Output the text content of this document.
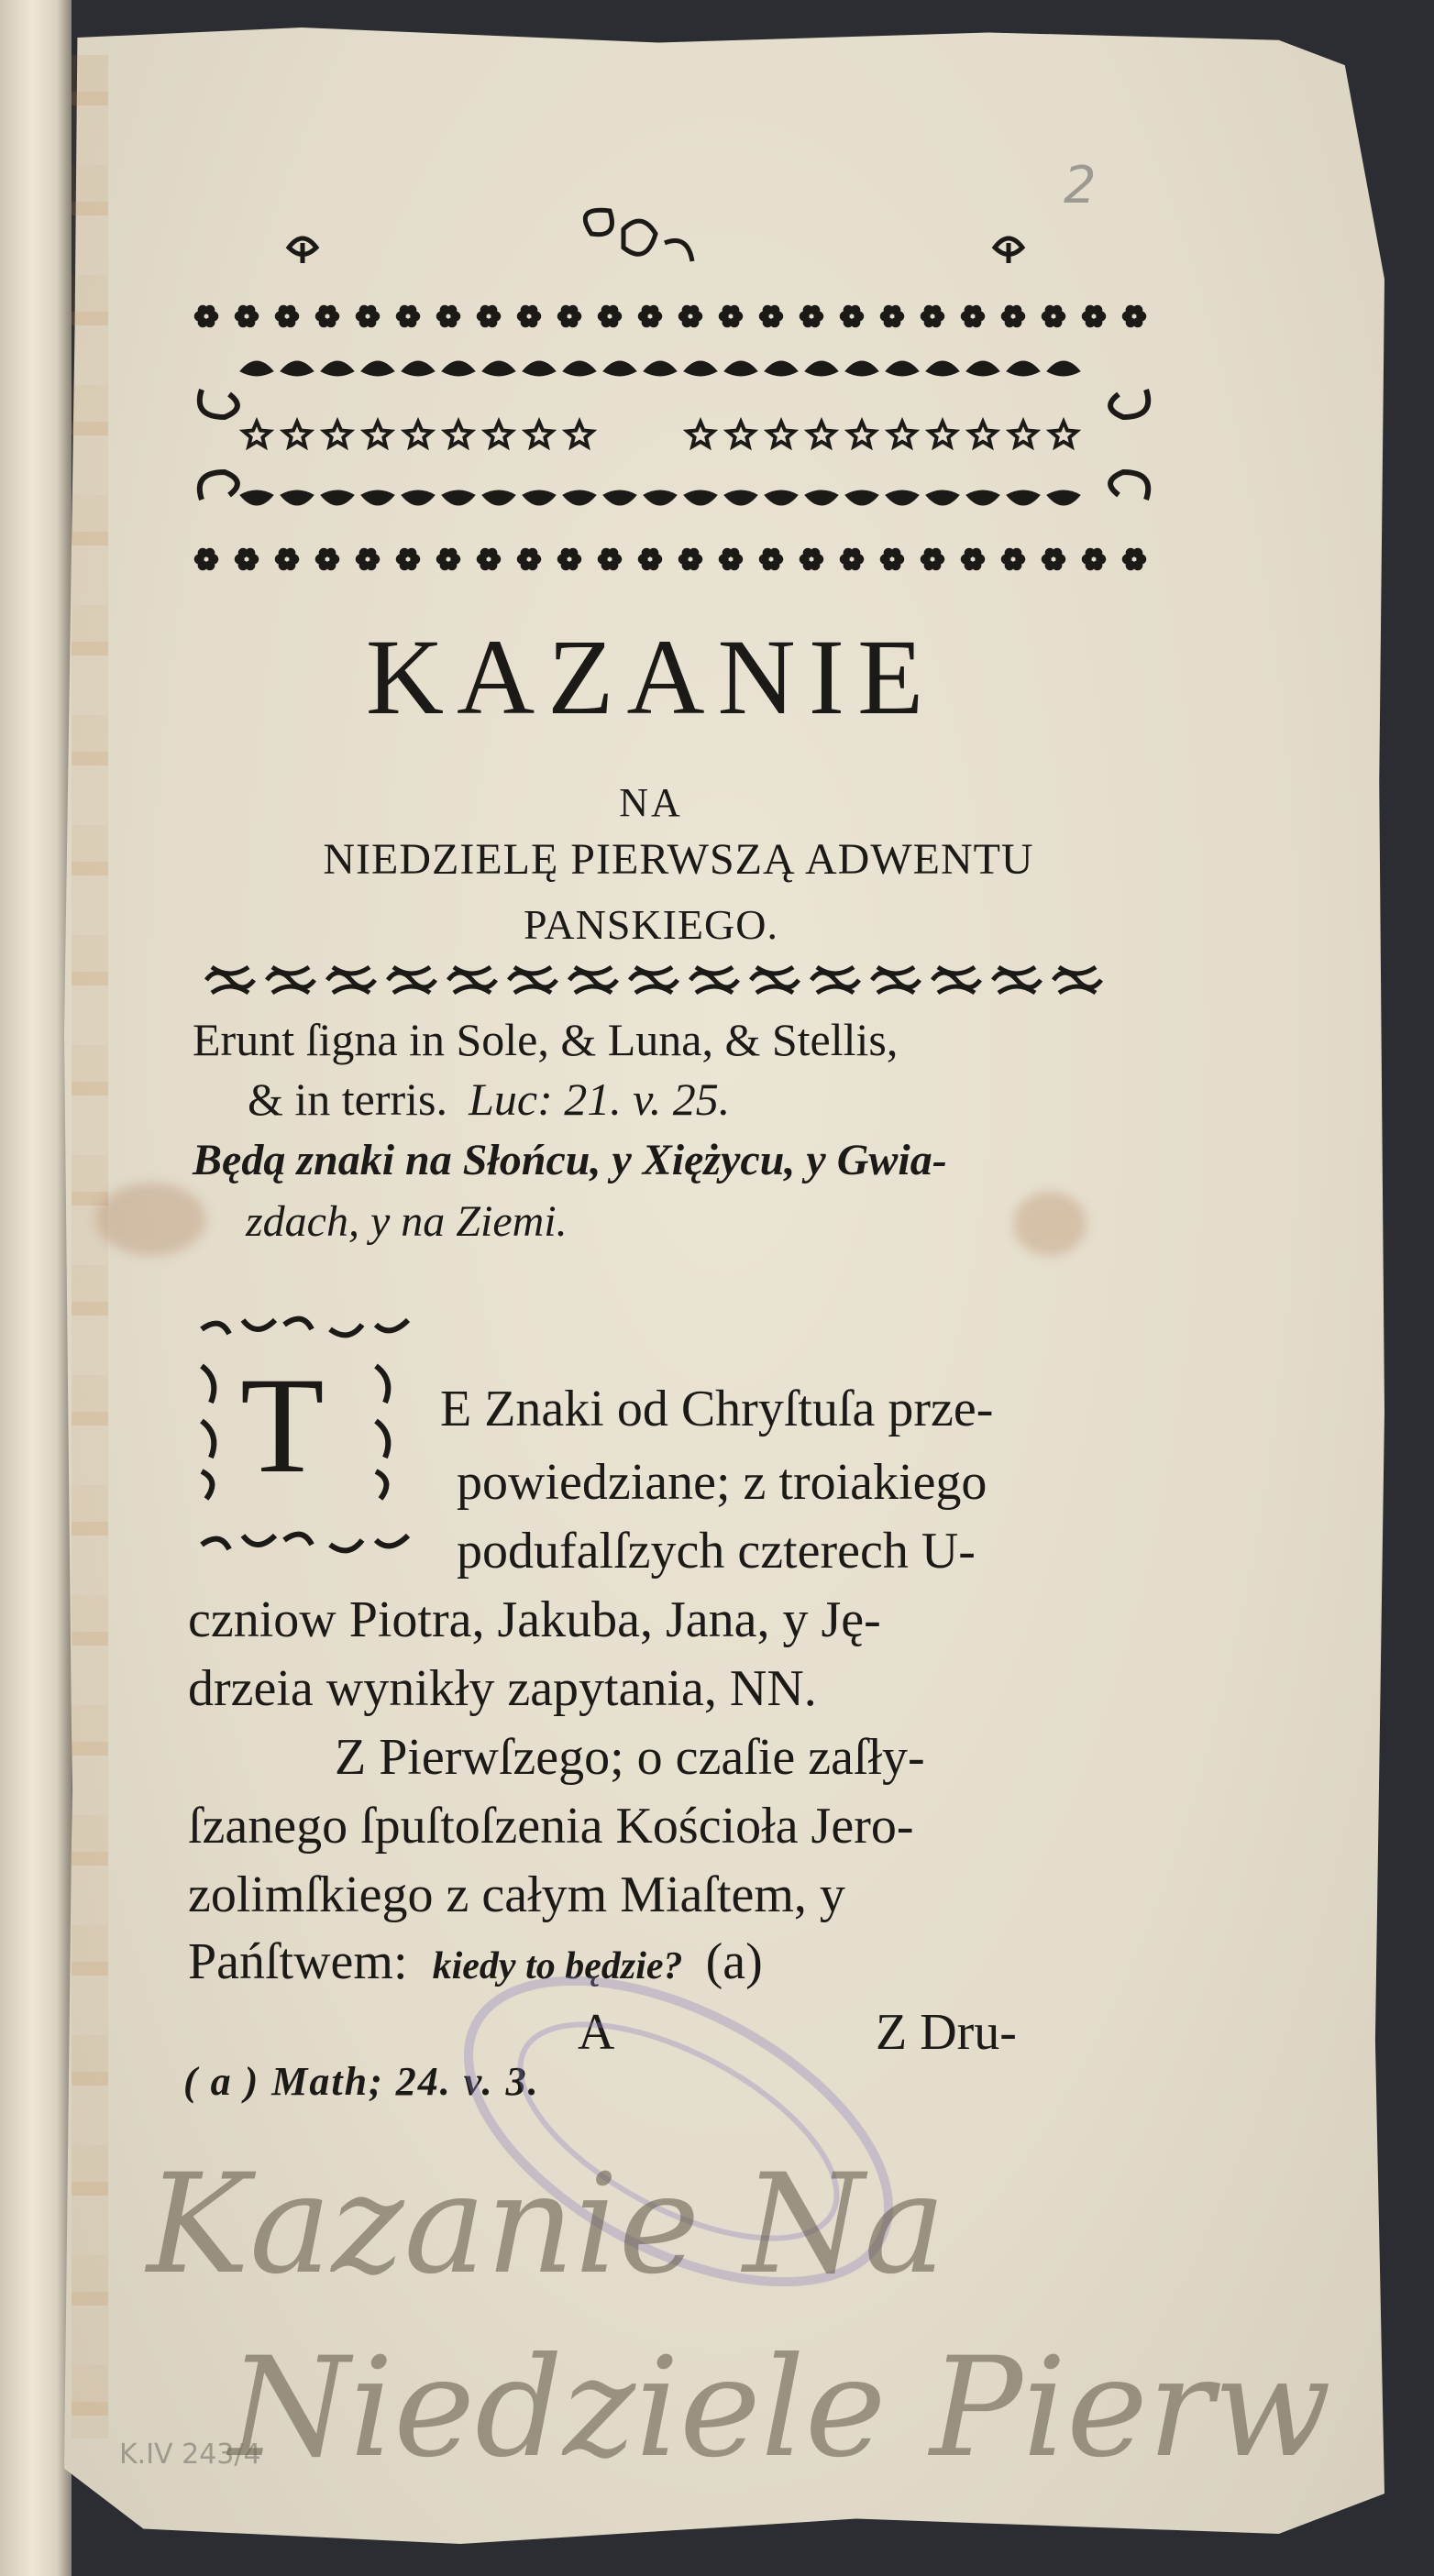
2
KAZANIE
NA
NIEDZIELĘ PIERWSZĄ ADWENTU
PANSKIEGO.
Erunt ſigna in Sole, & Luna, & Stellis,
& in terris. Luc: 21. v. 25.
Będą znaki na Słońcu, y Xiężycu, y Gwia-
zdach, y na Ziemi.
T E Znaki od Chryſtuſa prze-
powiedziane; z troiakiego
podufalſzych czterech U-
czniow Piotra, Jakuba, Jana, y Ję-
drzeia wynikły zapytania, NN.
Z Pierwſzego; o czaſie zaſły-
ſzanego ſpuſtoſzenia Kościoła Jero-
zolimſkiego z całym Miaſtem, y
Pańſtwem: kiedy to będzie? (a)
A	Z Dru-
( a ) Math; 24. v. 3.
Kazanie Na
Niedziele Pierw
K.IV 243/4
